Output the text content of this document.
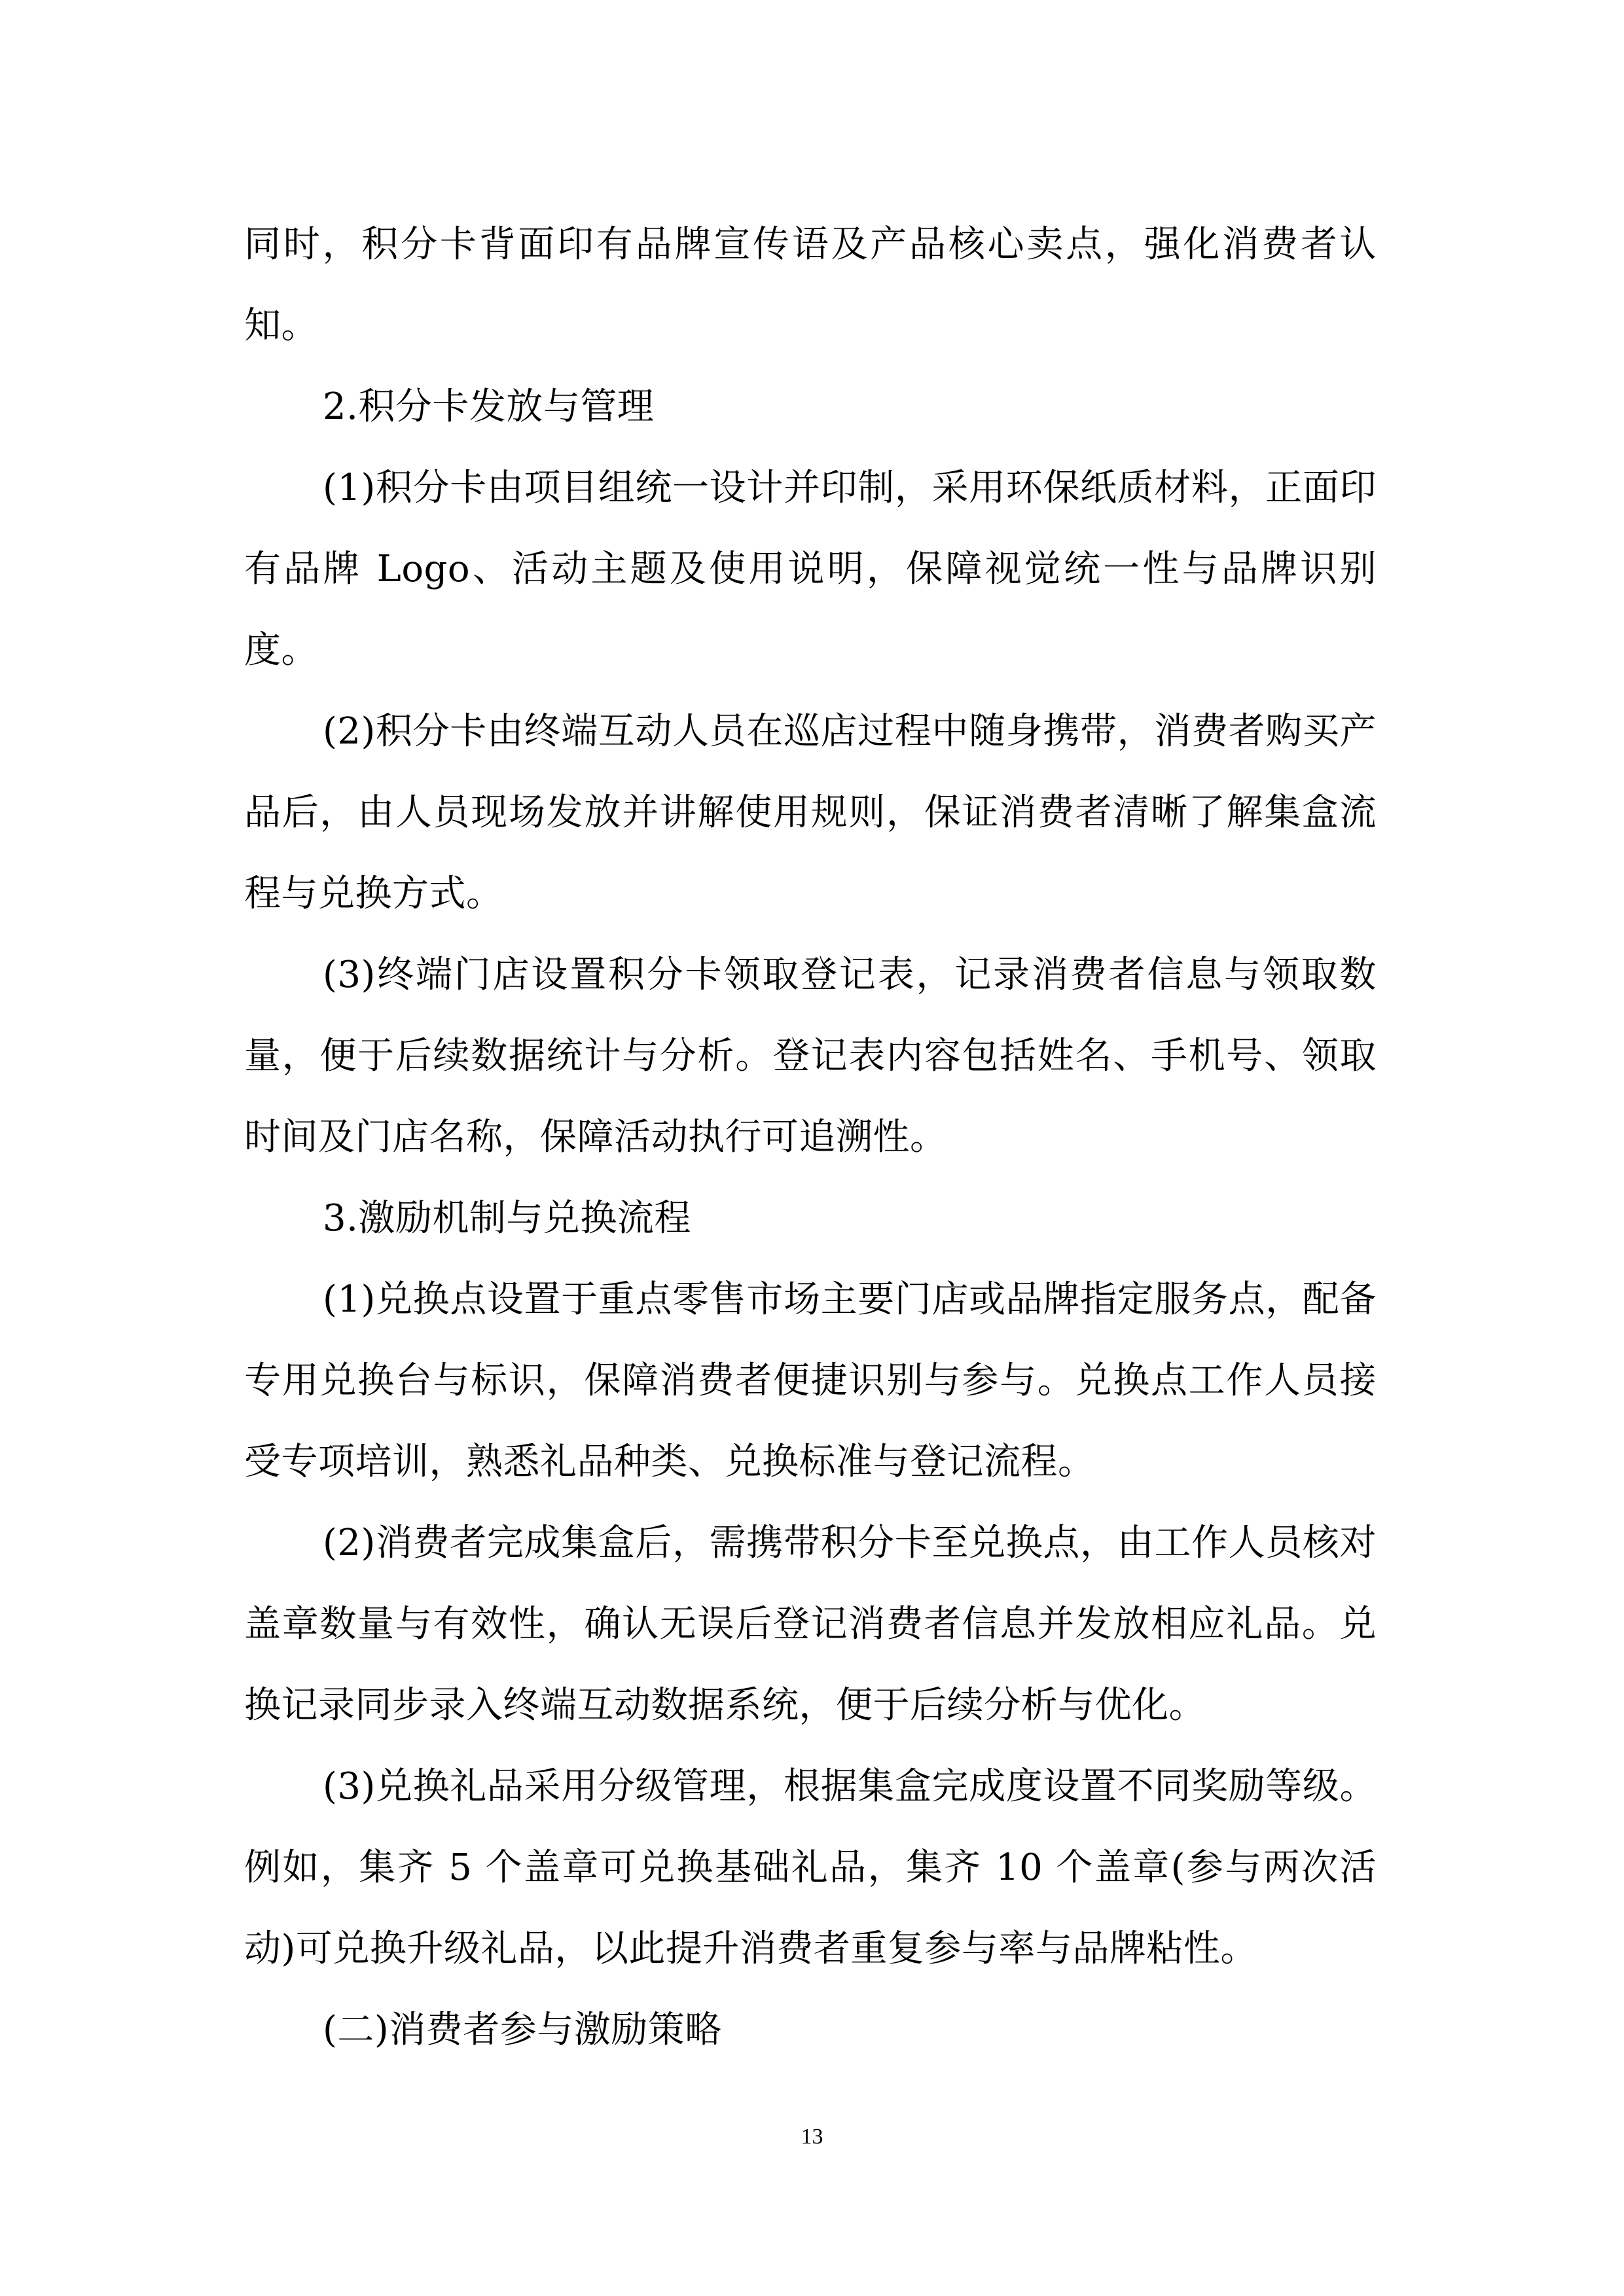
同时，积分卡背面印有品牌宣传语及产品核心卖点，强化消费者认知。

2.积分卡发放与管理

(1)积分卡由项目组统一设计并印制，采用环保纸质材料，正面印有品牌 Logo、活动主题及使用说明，保障视觉统一性与品牌识别度。

(2)积分卡由终端互动人员在巡店过程中随身携带，消费者购买产品后，由人员现场发放并讲解使用规则，保证消费者清晰了解集盒流程与兑换方式。

(3)终端门店设置积分卡领取登记表，记录消费者信息与领取数量，便于后续数据统计与分析。登记表内容包括姓名、手机号、领取时间及门店名称，保障活动执行可追溯性。

3.激励机制与兑换流程

(1)兑换点设置于重点零售市场主要门店或品牌指定服务点，配备专用兑换台与标识，保障消费者便捷识别与参与。兑换点工作人员接受专项培训，熟悉礼品种类、兑换标准与登记流程。

(2)消费者完成集盒后，需携带积分卡至兑换点，由工作人员核对盖章数量与有效性，确认无误后登记消费者信息并发放相应礼品。兑换记录同步录入终端互动数据系统，便于后续分析与优化。

(3)兑换礼品采用分级管理，根据集盒完成度设置不同奖励等级。例如，集齐 5 个盖章可兑换基础礼品，集齐 10 个盖章(参与两次活动)可兑换升级礼品，以此提升消费者重复参与率与品牌粘性。

(二)消费者参与激励策略

13
